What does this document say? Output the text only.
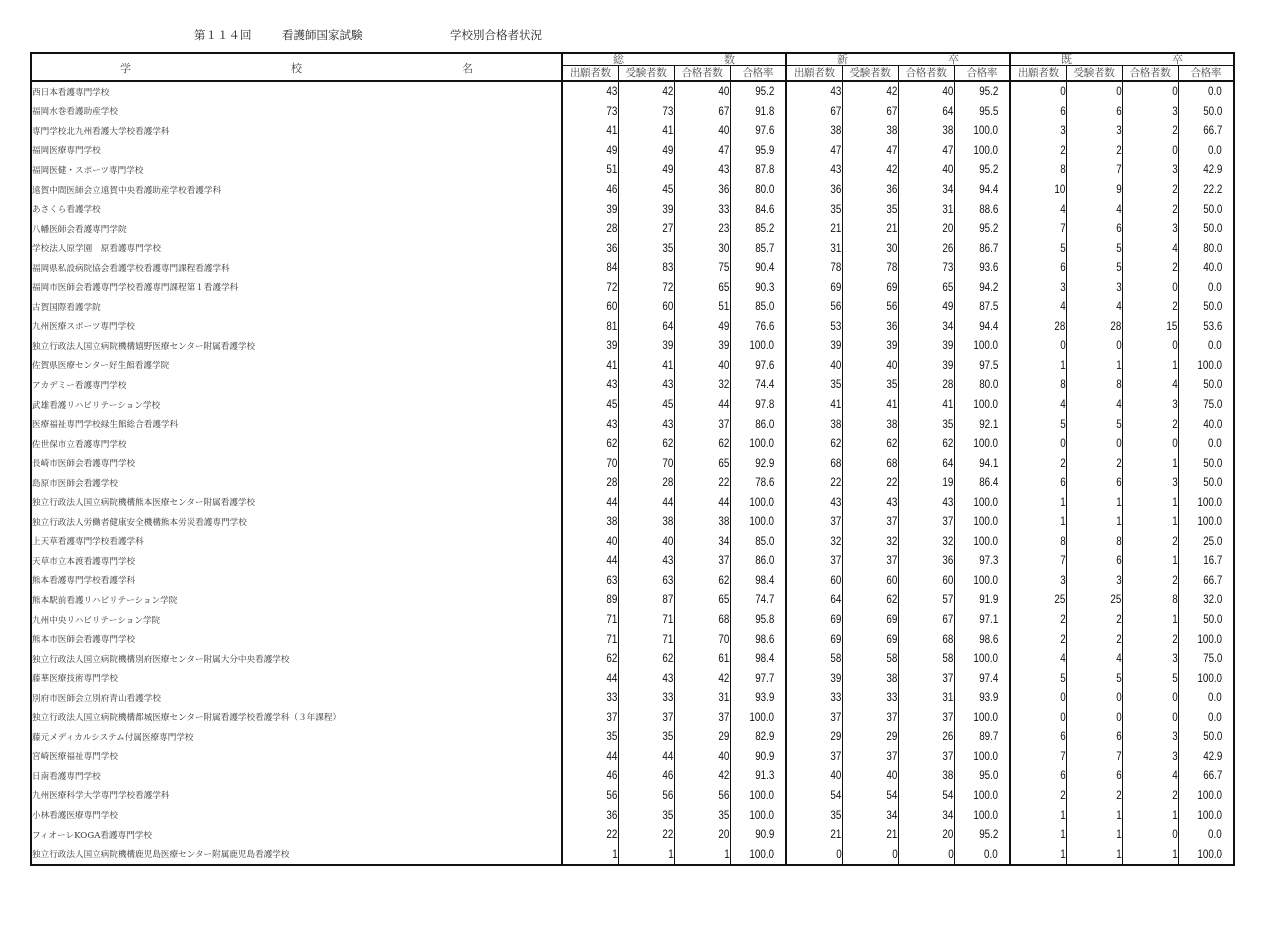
第１１４回	看護師国家試験	学校別合格者状況
学 校 名	総 数				新 卒				既 卒			

	出願者数	受験者数	合格者数	合格率	出願者数	受験者数	合格者数	合格率	出願者数	受験者数	合格者数	合格率
西日本看護専門学校	43	42	40	95.2	43	42	40	95.2	0	0	0	0.0
福岡水巻看護助産学校	73	73	67	91.8	67	67	64	95.5	6	6	3	50.0
専門学校北九州看護大学校看護学科	41	41	40	97.6	38	38	38	100.0	3	3	2	66.7
福岡医療専門学校	49	49	47	95.9	47	47	47	100.0	2	2	0	0.0
福岡医健・スポーツ専門学校	51	49	43	87.8	43	42	40	95.2	8	7	3	42.9
遠賀中間医師会立遠賀中央看護助産学校看護学科	46	45	36	80.0	36	36	34	94.4	10	9	2	22.2
あさくら看護学校	39	39	33	84.6	35	35	31	88.6	4	4	2	50.0
八幡医師会看護専門学院	28	27	23	85.2	21	21	20	95.2	7	6	3	50.0
学校法人原学園　原看護専門学校	36	35	30	85.7	31	30	26	86.7	5	5	4	80.0
福岡県私設病院協会看護学校看護専門課程看護学科	84	83	75	90.4	78	78	73	93.6	6	5	2	40.0
福岡市医師会看護専門学校看護専門課程第１看護学科	72	72	65	90.3	69	69	65	94.2	3	3	0	0.0
古賀国際看護学院	60	60	51	85.0	56	56	49	87.5	4	4	2	50.0
九州医療スポーツ専門学校	81	64	49	76.6	53	36	34	94.4	28	28	15	53.6
独立行政法人国立病院機構嬉野医療センター附属看護学校	39	39	39	100.0	39	39	39	100.0	0	0	0	0.0
佐賀県医療センター好生館看護学院	41	41	40	97.6	40	40	39	97.5	1	1	1	100.0
アカデミー看護専門学校	43	43	32	74.4	35	35	28	80.0	8	8	4	50.0
武雄看護リハビリテーション学校	45	45	44	97.8	41	41	41	100.0	4	4	3	75.0
医療福祉専門学校緑生館総合看護学科	43	43	37	86.0	38	38	35	92.1	5	5	2	40.0
佐世保市立看護専門学校	62	62	62	100.0	62	62	62	100.0	0	0	0	0.0
長崎市医師会看護専門学校	70	70	65	92.9	68	68	64	94.1	2	2	1	50.0
島原市医師会看護学校	28	28	22	78.6	22	22	19	86.4	6	6	3	50.0
独立行政法人国立病院機構熊本医療センター附属看護学校	44	44	44	100.0	43	43	43	100.0	1	1	1	100.0
独立行政法人労働者健康安全機構熊本労災看護専門学校	38	38	38	100.0	37	37	37	100.0	1	1	1	100.0
上天草看護専門学校看護学科	40	40	34	85.0	32	32	32	100.0	8	8	2	25.0
天草市立本渡看護専門学校	44	43	37	86.0	37	37	36	97.3	7	6	1	16.7
熊本看護専門学校看護学科	63	63	62	98.4	60	60	60	100.0	3	3	2	66.7
熊本駅前看護リハビリテーション学院	89	87	65	74.7	64	62	57	91.9	25	25	8	32.0
九州中央リハビリテーション学院	71	71	68	95.8	69	69	67	97.1	2	2	1	50.0
熊本市医師会看護専門学校	71	71	70	98.6	69	69	68	98.6	2	2	2	100.0
独立行政法人国立病院機構別府医療センター附属大分中央看護学校	62	62	61	98.4	58	58	58	100.0	4	4	3	75.0
藤華医療技術専門学校	44	43	42	97.7	39	38	37	97.4	5	5	5	100.0
別府市医師会立別府青山看護学校	33	33	31	93.9	33	33	31	93.9	0	0	0	0.0
独立行政法人国立病院機構都城医療センター附属看護学校看護学科（３年課程）	37	37	37	100.0	37	37	37	100.0	0	0	0	0.0
藤元メディカルシステム付属医療専門学校	35	35	29	82.9	29	29	26	89.7	6	6	3	50.0
宮崎医療福祉専門学校	44	44	40	90.9	37	37	37	100.0	7	7	3	42.9
日南看護専門学校	46	46	42	91.3	40	40	38	95.0	6	6	4	66.7
九州医療科学大学専門学校看護学科	56	56	56	100.0	54	54	54	100.0	2	2	2	100.0
小林看護医療専門学校	36	35	35	100.0	35	34	34	100.0	1	1	1	100.0
フィオーレKOGA看護専門学校	22	22	20	90.9	21	21	20	95.2	1	1	0	0.0
独立行政法人国立病院機構鹿児島医療センター附属鹿児島看護学校	1	1	1	100.0	0	0	0	0.0	1	1	1	100.0
